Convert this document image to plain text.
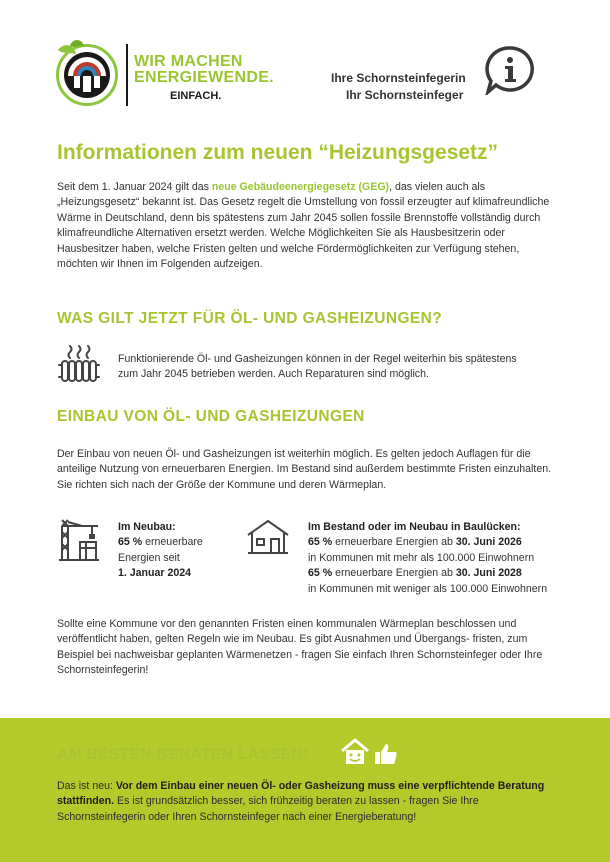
WIR MACHEN
ENERGIEWENDE.
EINFACH.
Ihre Schornsteinfegerin
Ihr Schornsteinfeger
Informationen zum neuen “Heizungsgesetz”
Seit dem 1. Januar 2024 gilt das neue Gebäudeenergiegesetz (GEG), das vielen auch als „Heizungsgesetz“ bekannt ist. Das Gesetz regelt die Umstellung von fossil erzeugter auf klimafreundliche Wärme in Deutschland, denn bis spätestens zum Jahr 2045 sollen fossile Brennstoffe vollständig durch klimafreundliche Alternativen ersetzt werden. Welche Möglichkeiten Sie als Hausbesitzerin oder Hausbesitzer haben, welche Fristen gelten und welche Fördermöglichkeiten zur Verfügung stehen, möchten wir Ihnen im Folgenden aufzeigen.
WAS GILT JETZT FÜR ÖL- UND GASHEIZUNGEN?
Funktionierende Öl- und Gasheizungen können in der Regel weiterhin bis spätestens zum Jahr 2045 betrieben werden. Auch Reparaturen sind möglich.
EINBAU VON ÖL- UND GASHEIZUNGEN
Der Einbau von neuen Öl- und Gasheizungen ist weiterhin möglich. Es gelten jedoch Auflagen für die anteilige Nutzung von erneuerbaren Energien. Im Bestand sind außerdem bestimmte Fristen einzuhalten. Sie richten sich nach der Größe der Kommune und deren Wärmeplan.
Im Neubau:
65 % erneuerbare Energien seit
1. Januar 2024
Im Bestand oder im Neubau in Baulücken:
65 % erneuerbare Energien ab 30. Juni 2026
in Kommunen mit mehr als 100.000 Einwohnern
65 % erneuerbare Energien ab 30. Juni 2028
in Kommunen mit weniger als 100.000 Einwohnern
Sollte eine Kommune vor den genannten Fristen einen kommunalen Wärmeplan beschlossen und veröffentlicht haben, gelten Regeln wie im Neubau. Es gibt Ausnahmen und Übergangs- fristen, zum Beispiel bei nachweisbar geplanten Wärmenetzen - fragen Sie einfach Ihren Schornsteinfeger oder Ihre Schornsteinfegerin!
AM BESTEN BERATEN LASSEN!
Das ist neu: Vor dem Einbau einer neuen Öl- oder Gasheizung muss eine verpflichtende Beratung stattfinden. Es ist grundsätzlich besser, sich frühzeitig beraten zu lassen - fragen Sie Ihre Schornsteinfegerin oder Ihren Schornsteinfeger nach einer Energieberatung!
